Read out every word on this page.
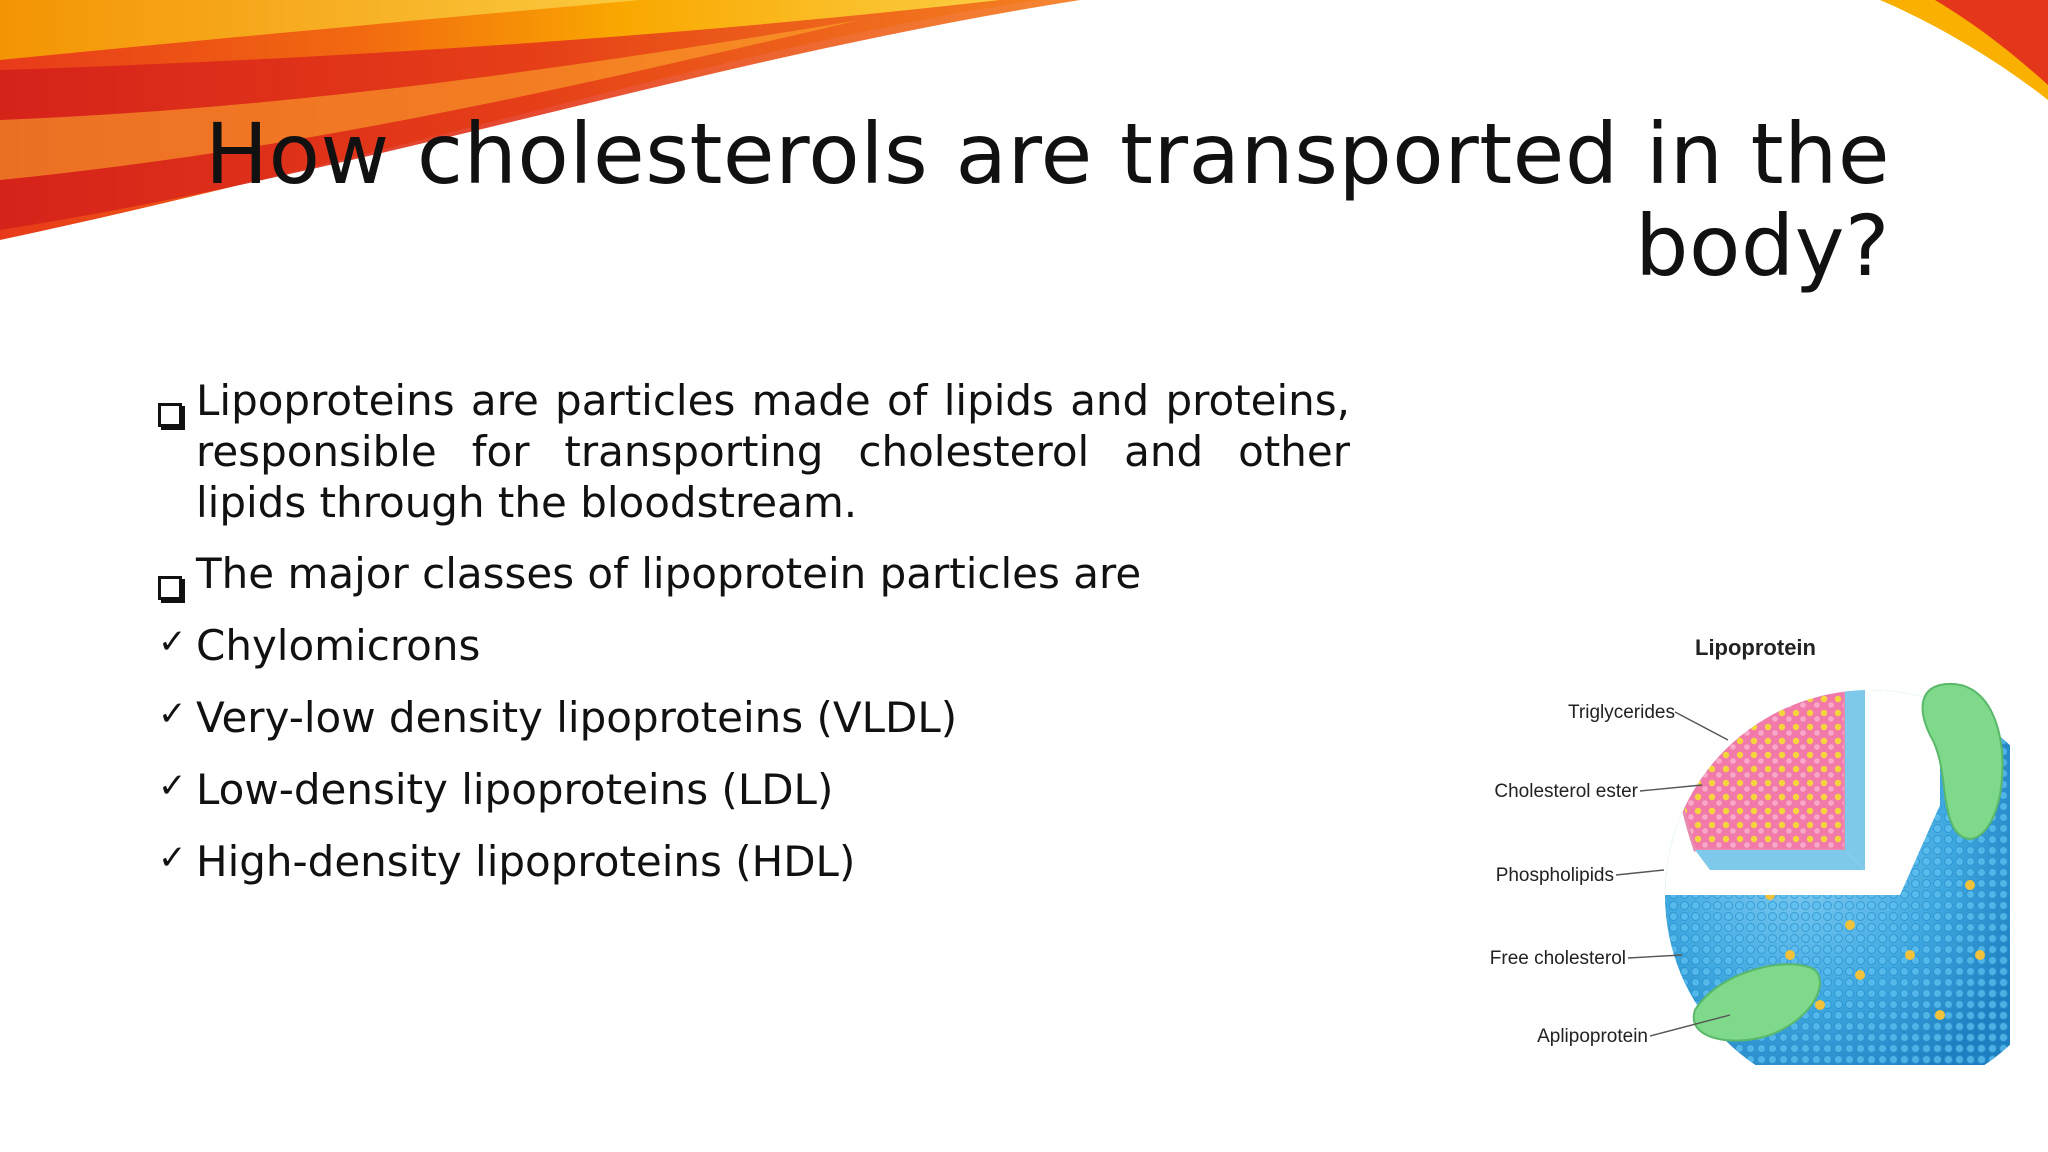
How cholesterols are transported in the body?
Lipoproteins are particles made of lipids and proteins, responsible for transporting cholesterol and other lipids through the bloodstream.
The major classes of lipoprotein particles are
✓ Chylomicrons
✓ Very-low density lipoproteins (VLDL)
✓ Low-density lipoproteins (LDL)
✓ High-density lipoproteins (HDL)
Lipoprotein
Triglycerides
Cholesterol ester
Phospholipids
Free cholesterol
Aplipoprotein
